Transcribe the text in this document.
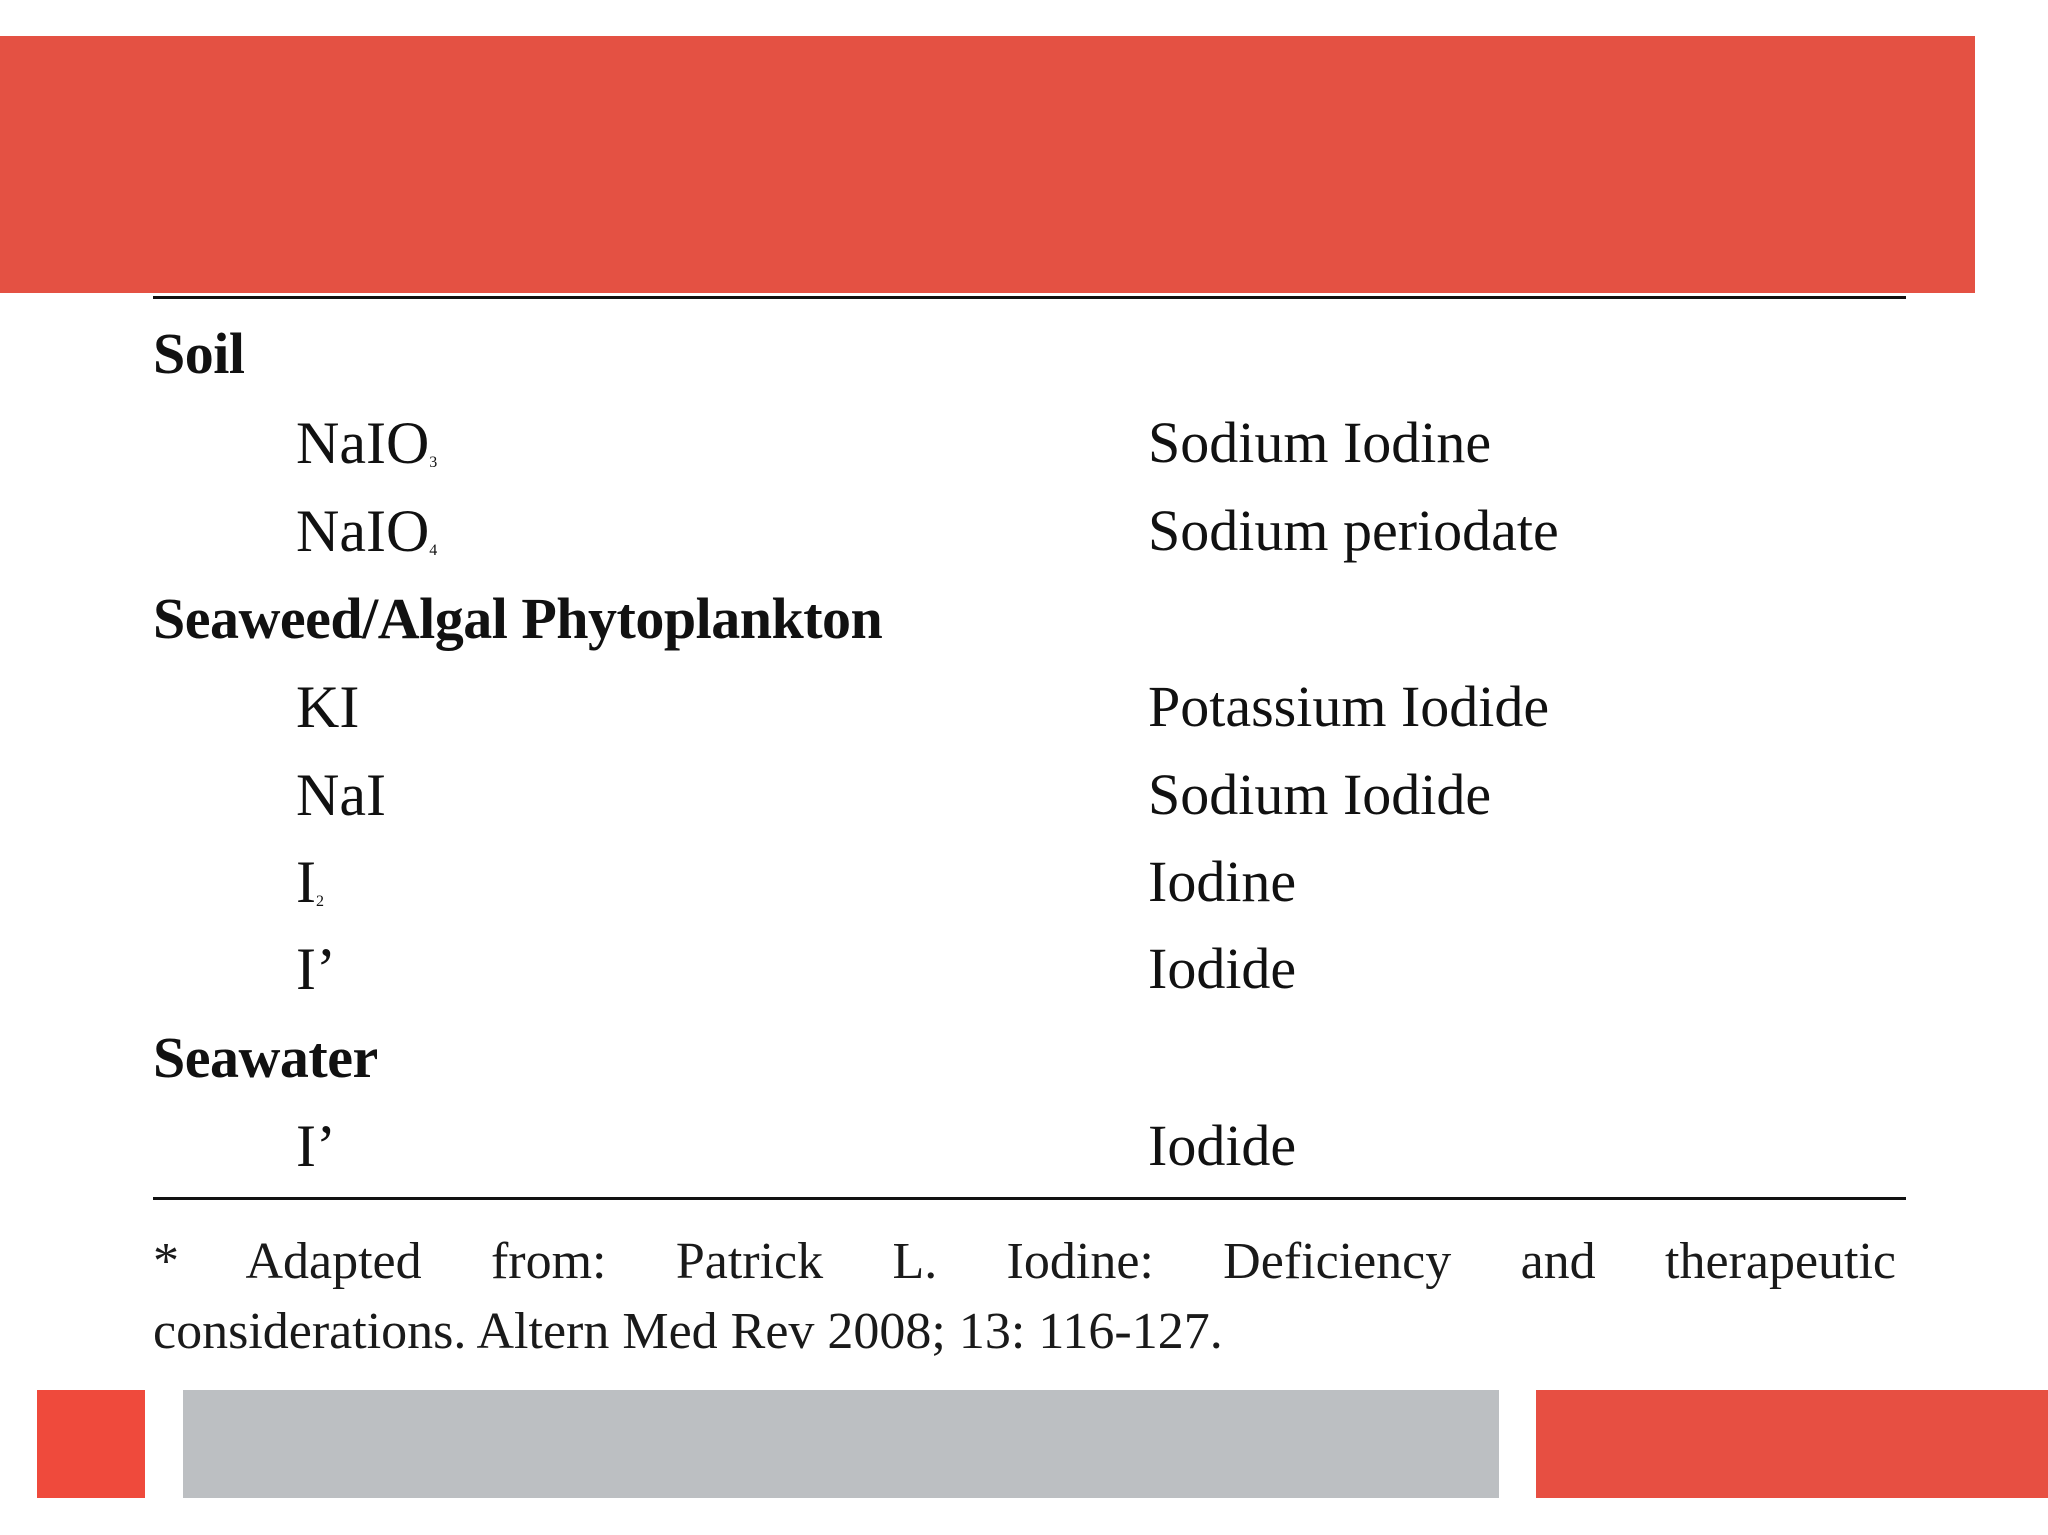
Soil
NaIO$_3$	Sodium Iodine
NaIO$_4$	Sodium periodate
Seaweed/Algal Phytoplankton
KI	Potassium Iodide
NaI	Sodium Iodide
$I_2$	Iodine
I’	Iodide
Seawater
I’	Iodide
* Adapted from: Patrick L. Iodine: Deficiency and therapeutic
considerations. Altern Med Rev 2008; 13: 116-127.
